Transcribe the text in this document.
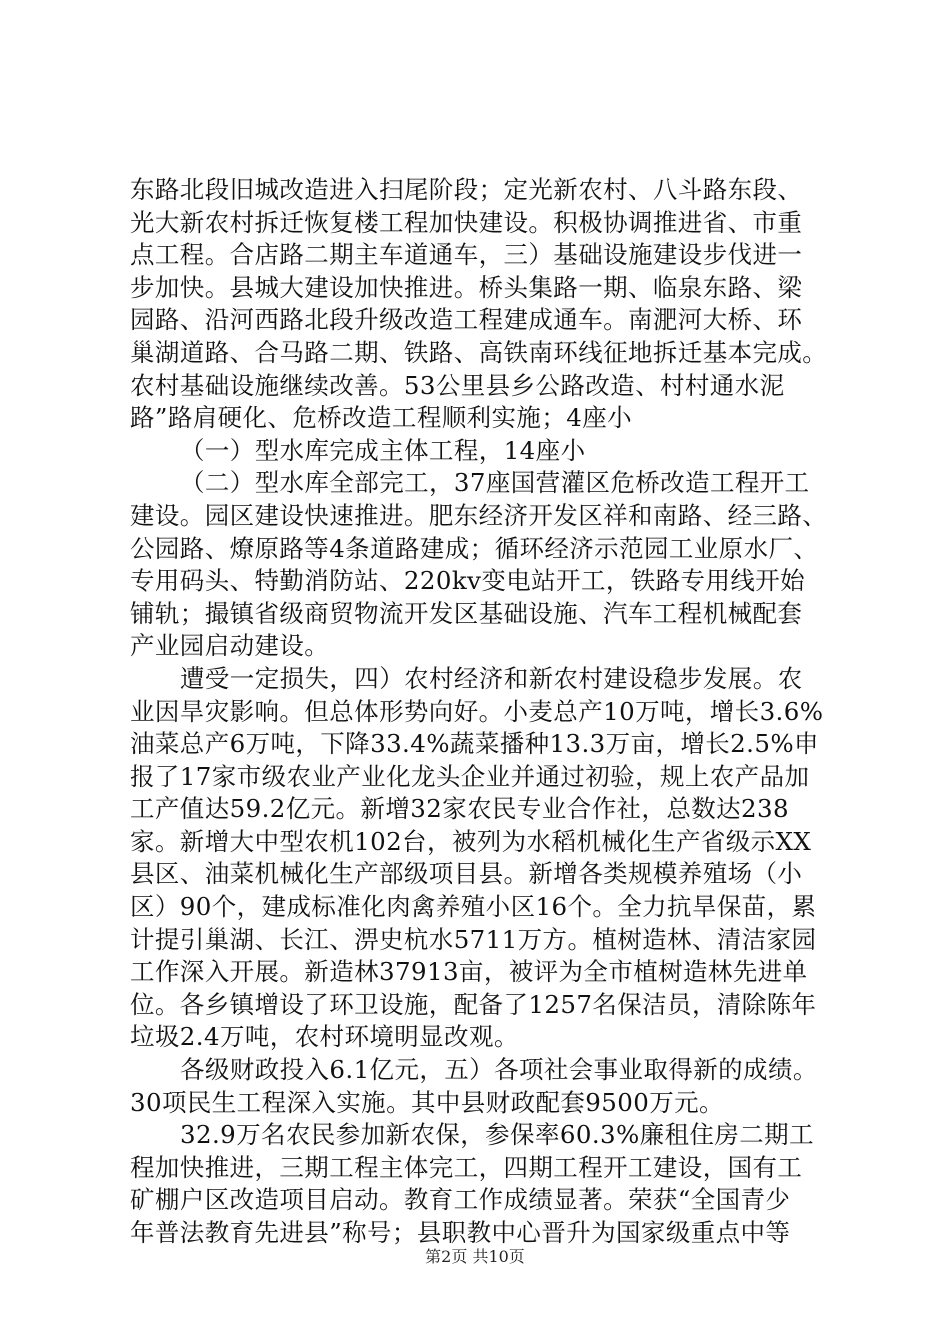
东路北段旧城改造进入扫尾阶段；定光新农村、八斗路东段、
光大新农村拆迁恢复楼工程加快建设。积极协调推进省、市重
点工程。合店路二期主车道通车，三）基础设施建设步伐进一
步加快。县城大建设加快推进。桥头集路一期、临泉东路、梁
园路、沿河西路北段升级改造工程建成通车。南淝河大桥、环
巢湖道路、合马路二期、铁路、高铁南环线征地拆迁基本完成。
农村基础设施继续改善。53公里县乡公路改造、村村通水泥
路”路肩硬化、危桥改造工程顺利实施；4座小

（一）型水库完成主体工程，14座小

（二）型水库全部完工，37座国营灌区危桥改造工程开工
建设。园区建设快速推进。肥东经济开发区祥和南路、经三路、
公园路、燎原路等4条道路建成；循环经济示范园工业原水厂、
专用码头、特勤消防站、220kv变电站开工，铁路专用线开始
铺轨；撮镇省级商贸物流开发区基础设施、汽车工程机械配套
产业园启动建设。

遭受一定损失，四）农村经济和新农村建设稳步发展。农
业因旱灾影响。但总体形势向好。小麦总产10万吨，增长3.6%
油菜总产6万吨，下降33.4%蔬菜播种13.3万亩，增长2.5%申
报了17家市级农业产业化龙头企业并通过初验，规上农产品加
工产值达59.2亿元。新增32家农民专业合作社，总数达238
家。新增大中型农机102台，被列为水稻机械化生产省级示XX
县区、油菜机械化生产部级项目县。新增各类规模养殖场（小
区）90个，建成标准化肉禽养殖小区16个。全力抗旱保苗，累
计提引巢湖、长江、淠史杭水5711万方。植树造林、清洁家园
工作深入开展。新造林37913亩，被评为全市植树造林先进单
位。各乡镇增设了环卫设施，配备了1257名保洁员，清除陈年
垃圾2.4万吨，农村环境明显改观。

各级财政投入6.1亿元，五）各项社会事业取得新的成绩。
30项民生工程深入实施。其中县财政配套9500万元。

32.9万名农民参加新农保，参保率60.3%廉租住房二期工
程加快推进，三期工程主体完工，四期工程开工建设，国有工
矿棚户区改造项目启动。教育工作成绩显著。荣获“全国青少
年普法教育先进县”称号；县职教中心晋升为国家级重点中等

第2页 共10页
